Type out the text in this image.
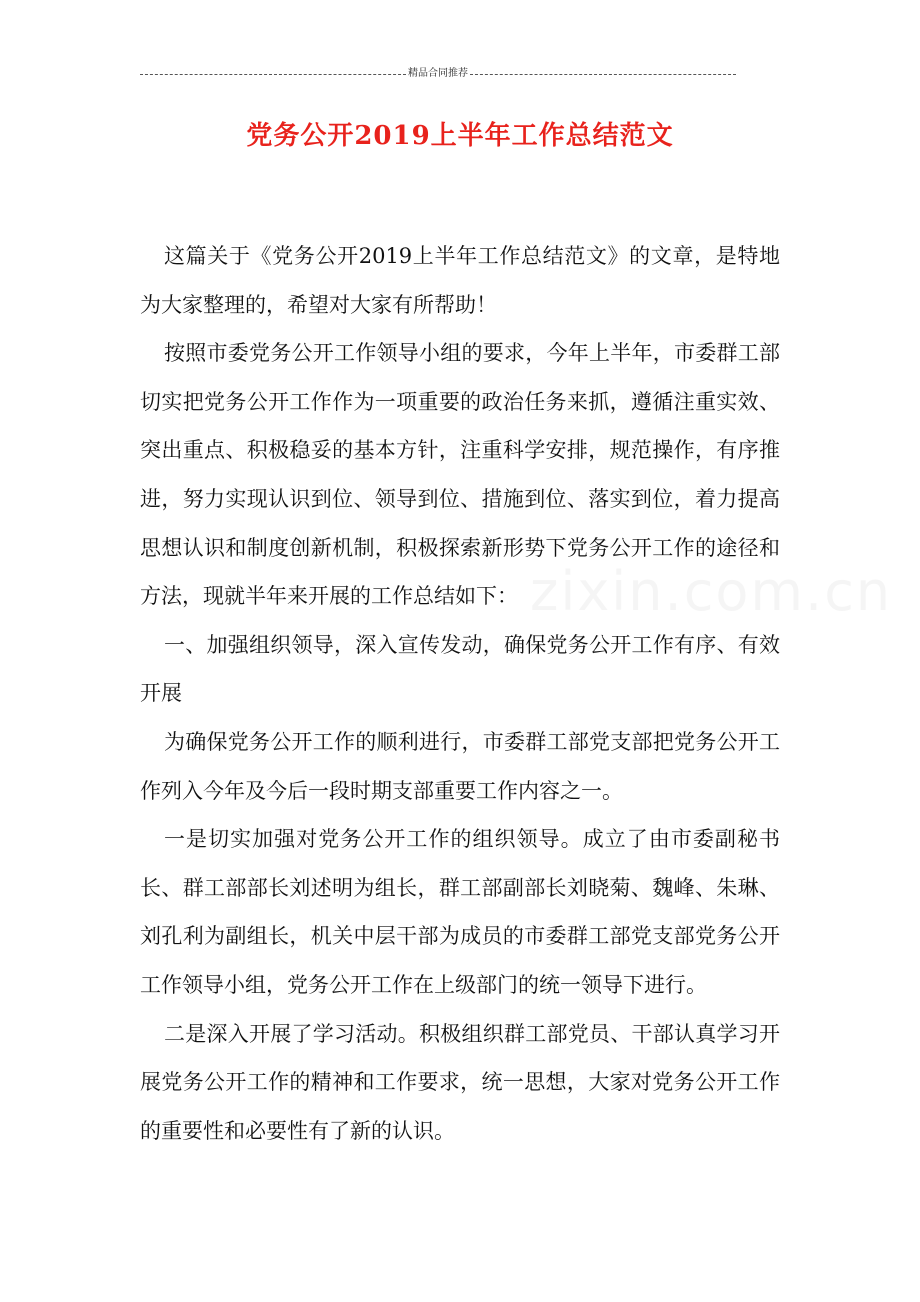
精品合同推荐
党务公开2019上半年工作总结范文

这篇关于《党务公开2019上半年工作总结范文》的文章，是特地为大家整理的，希望对大家有所帮助！

按照市委党务公开工作领导小组的要求，今年上半年，市委群工部切实把党务公开工作作为一项重要的政治任务来抓，遵循注重实效、突出重点、积极稳妥的基本方针，注重科学安排，规范操作，有序推进，努力实现认识到位、领导到位、措施到位、落实到位，着力提高思想认识和制度创新机制，积极探索新形势下党务公开工作的途径和方法，现就半年来开展的工作总结如下：

一、加强组织领导，深入宣传发动，确保党务公开工作有序、有效开展

为确保党务公开工作的顺利进行，市委群工部党支部把党务公开工作列入今年及今后一段时期支部重要工作内容之一。

一是切实加强对党务公开工作的组织领导。成立了由市委副秘书长、群工部部长刘述明为组长，群工部副部长刘晓菊、魏峰、朱琳、刘孔利为副组长，机关中层干部为成员的市委群工部党支部党务公开工作领导小组，党务公开工作在上级部门的统一领导下进行。

二是深入开展了学习活动。积极组织群工部党员、干部认真学习开展党务公开工作的精神和工作要求，统一思想，大家对党务公开工作的重要性和必要性有了新的认识。

zixin.com.cn
